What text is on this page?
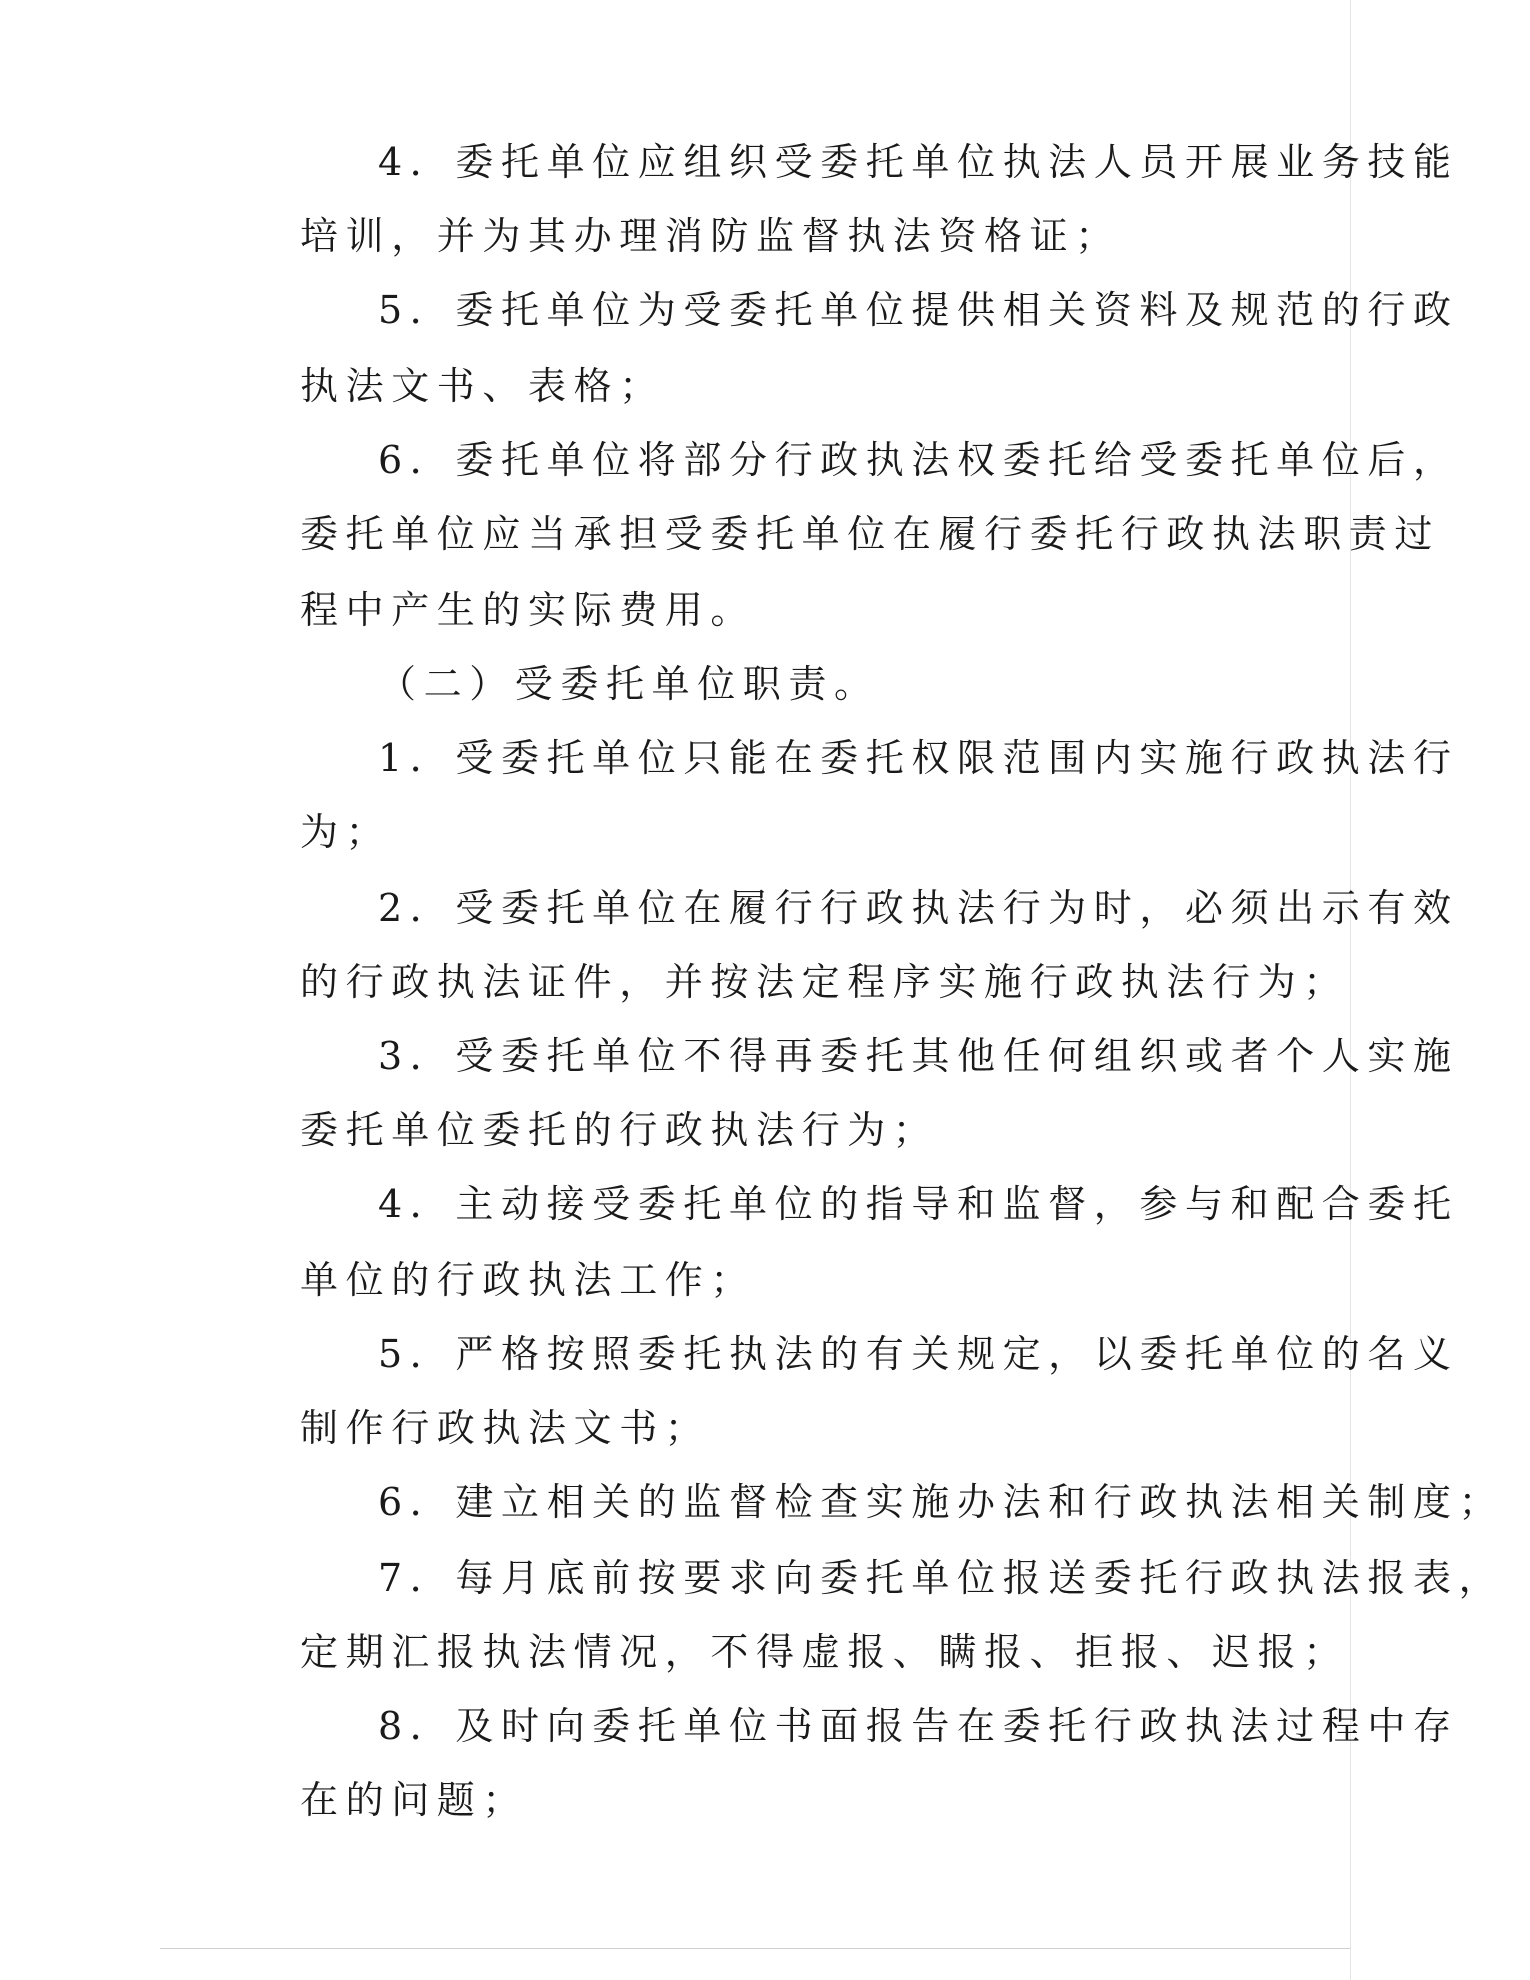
4．委托单位应组织受委托单位执法人员开展业务技能
培训，并为其办理消防监督执法资格证；
5．委托单位为受委托单位提供相关资料及规范的行政
执法文书、表格；
6．委托单位将部分行政执法权委托给受委托单位后，
委托单位应当承担受委托单位在履行委托行政执法职责过
程中产生的实际费用。
（二）受委托单位职责。
1．受委托单位只能在委托权限范围内实施行政执法行
为；
2．受委托单位在履行行政执法行为时，必须出示有效
的行政执法证件，并按法定程序实施行政执法行为；
3．受委托单位不得再委托其他任何组织或者个人实施
委托单位委托的行政执法行为；
4．主动接受委托单位的指导和监督，参与和配合委托
单位的行政执法工作；
5．严格按照委托执法的有关规定，以委托单位的名义
制作行政执法文书；
6．建立相关的监督检查实施办法和行政执法相关制度；
7．每月底前按要求向委托单位报送委托行政执法报表，
定期汇报执法情况，不得虚报、瞒报、拒报、迟报；
8．及时向委托单位书面报告在委托行政执法过程中存
在的问题；
